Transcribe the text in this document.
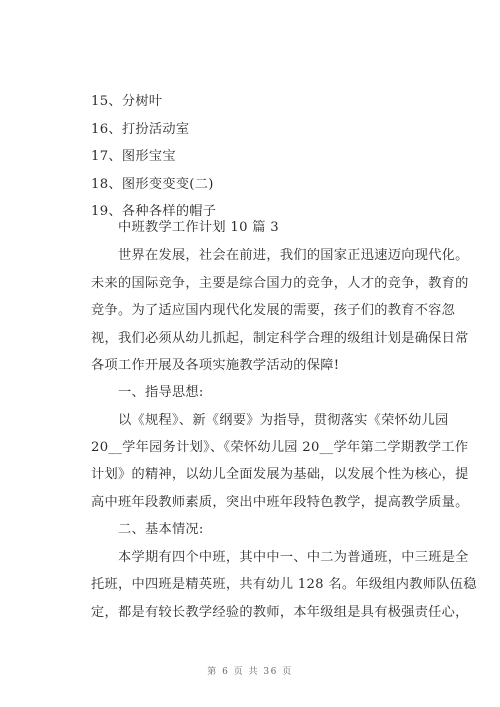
15、分树叶
16、打扮活动室
17、图形宝宝
18、图形变变变(二)
19、各种各样的帽子
中班教学工作计划 10 篇 3
世界在发展，社会在前进，我们的国家正迅速迈向现代化。
未来的国际竞争，主要是综合国力的竞争，人才的竞争，教育的
竞争。为了适应国内现代化发展的需要，孩子们的教育不容忽
视，我们必须从幼儿抓起，制定科学合理的级组计划是确保日常
各项工作开展及各项实施教学活动的保障!
一、指导思想:
以《规程》、新《纲要》为指导，贯彻落实《荣怀幼儿园
20__学年园务计划》、《荣怀幼儿园 20__学年第二学期教学工作
计划》的精神，以幼儿全面发展为基础，以发展个性为核心，提
高中班年段教师素质，突出中班年段特色教学，提高教学质量。
二、基本情况:
本学期有四个中班，其中中一、中二为普通班，中三班是全
托班，中四班是精英班，共有幼儿 128 名。年级组内教师队伍稳
定，都是有较长教学经验的教师，本年级组是具有极强责任心，
第 6 页 共 36 页
